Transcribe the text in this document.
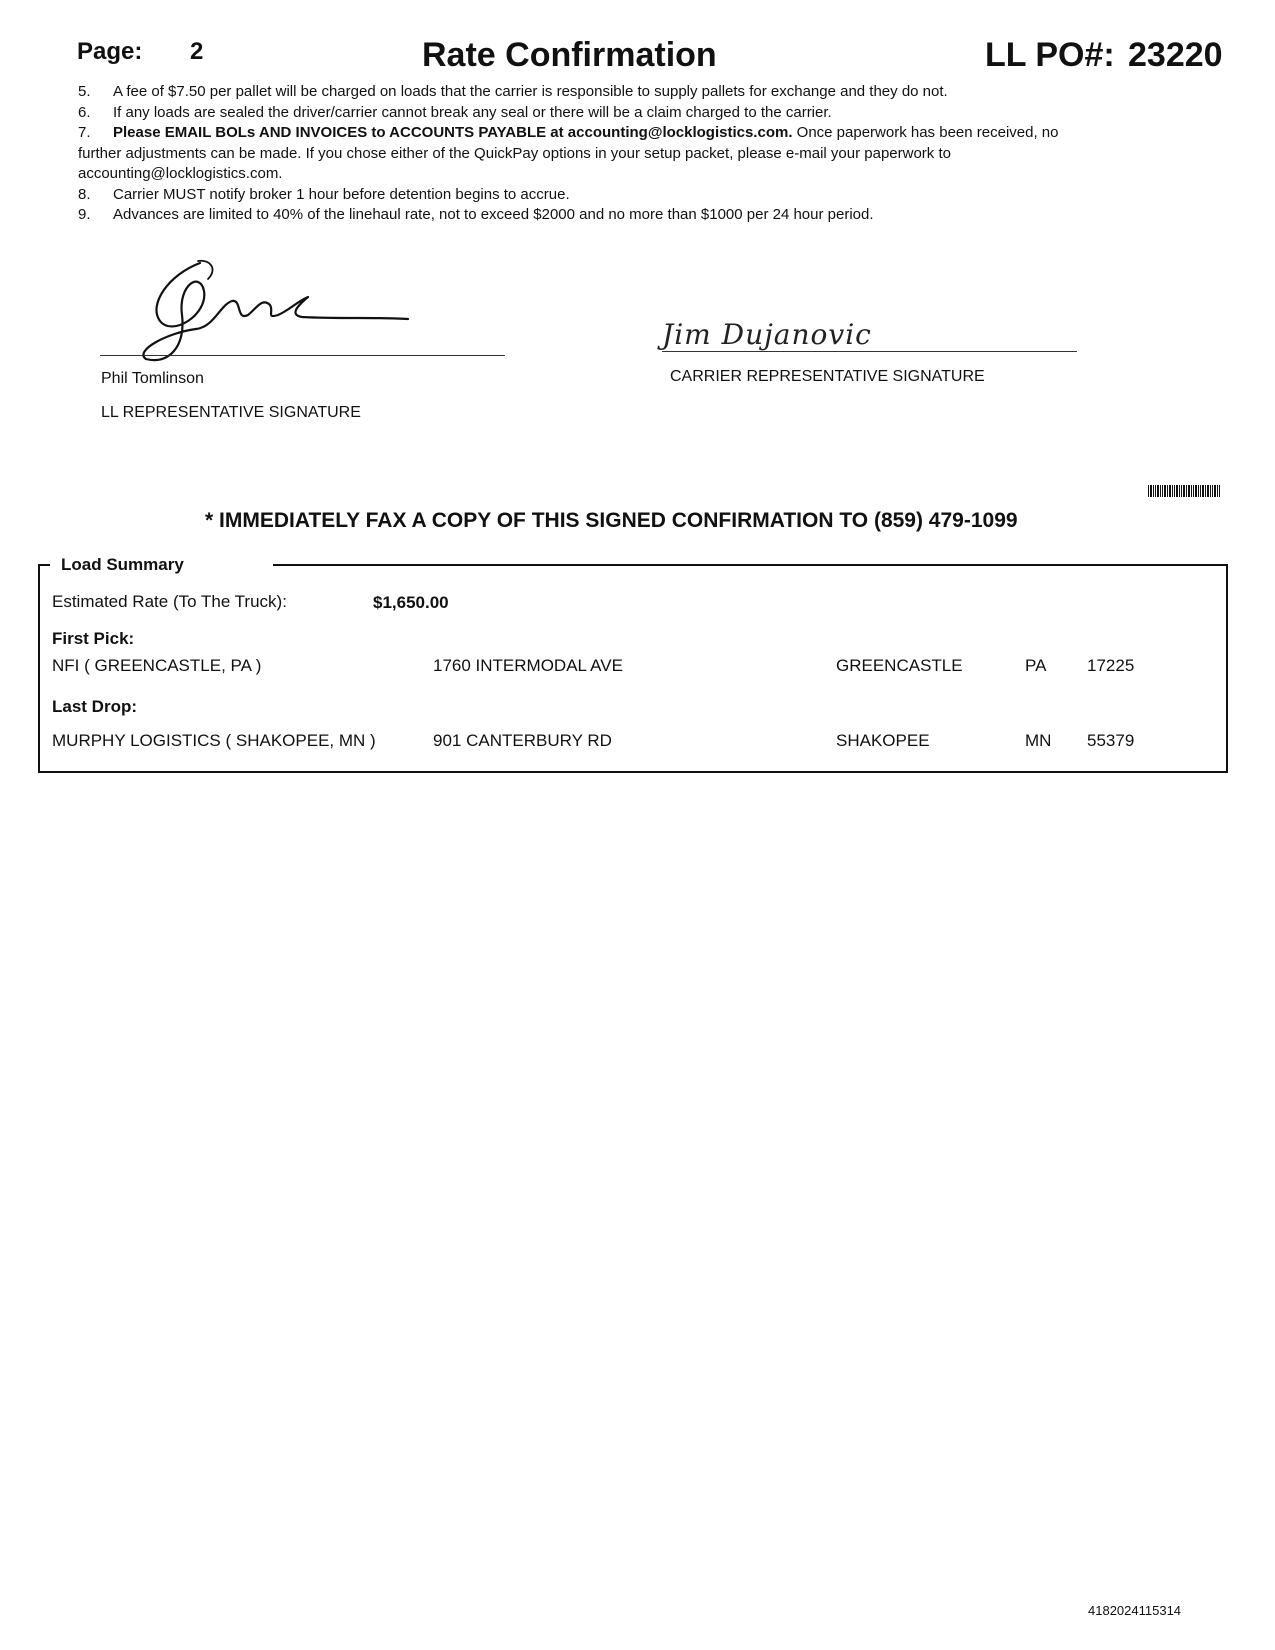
Page: 2	Rate Confirmation	LL PO#: 23220
5. A fee of $7.50 per pallet will be charged on loads that the carrier is responsible to supply pallets for exchange and they do not.
6. If any loads are sealed the driver/carrier cannot break any seal or there will be a claim charged to the carrier.
7. Please EMAIL BOLs AND INVOICES to ACCOUNTS PAYABLE at accounting@locklogistics.com. Once paperwork has been received, no further adjustments can be made. If you chose either of the QuickPay options in your setup packet, please e-mail your paperwork to accounting@locklogistics.com.
8. Carrier MUST notify broker 1 hour before detention begins to accrue.
9. Advances are limited to 40% of the linehaul rate, not to exceed $2000 and no more than $1000 per 24 hour period.
Phil Tomlinson
LL REPRESENTATIVE SIGNATURE
Jim Dujanovic
CARRIER REPRESENTATIVE SIGNATURE
* IMMEDIATELY FAX A COPY OF THIS SIGNED CONFIRMATION TO (859) 479-1099
Load Summary
Estimated Rate (To The Truck):	$1,650.00
First Pick:
NFI ( GREENCASTLE, PA )	1760 INTERMODAL AVE	GREENCASTLE	PA 17225
Last Drop:
MURPHY LOGISTICS ( SHAKOPEE, MN )	901 CANTERBURY RD	SHAKOPEE	MN 55379
4182024115314
